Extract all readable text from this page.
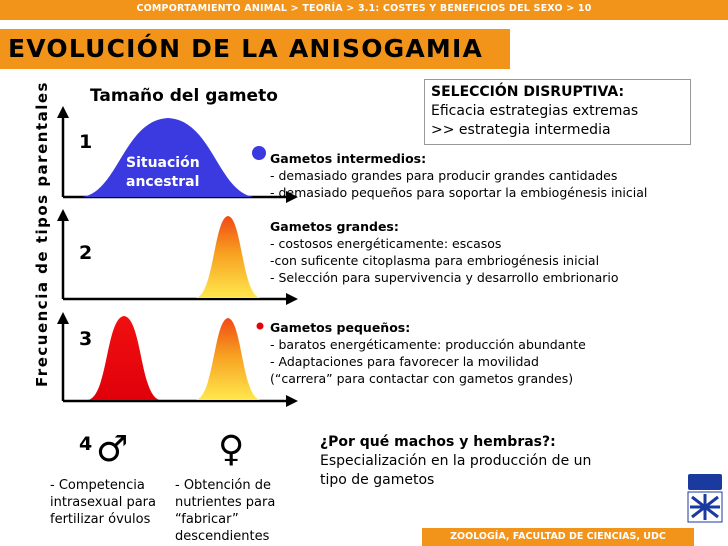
COMPORTAMIENTO ANIMAL > TEORÍA > 3.1: COSTES Y BENEFICIOS DEL SEXO > 10
EVOLUCIÓN DE LA ANISOGAMIA
SELECCIÓN DISRUPTIVA:
Eficacia estrategias extremas
>> estrategia intermedia
Tamaño del gameto
Frecuencia de tipos parentales 1
2
3
4
Situación
ancestral
Gametos intermedios:
- demasiado grandes para producir grandes cantidades
- demasiado pequeños para soportar la embiogénesis inicial
Gametos grandes:
- costosos energéticamente: escasos
-con suficente citoplasma para embriogénesis inicial
- Selección para supervivencia y desarrollo embrionario
Gametos pequeños:
- baratos energéticamente: producción abundante
- Adaptaciones para favorecer la movilidad
(“carrera” para contactar con gametos grandes)
♂ ♀
- Competencia
intrasexual para
fertilizar óvulos
- Obtención de
nutrientes para
“fabricar”
descendientes
¿Por qué machos y hembras?:
Especialización en la producción de un
tipo de gametos
ZOOLOGÍA, FACULTAD DE CIENCIAS, UDC
